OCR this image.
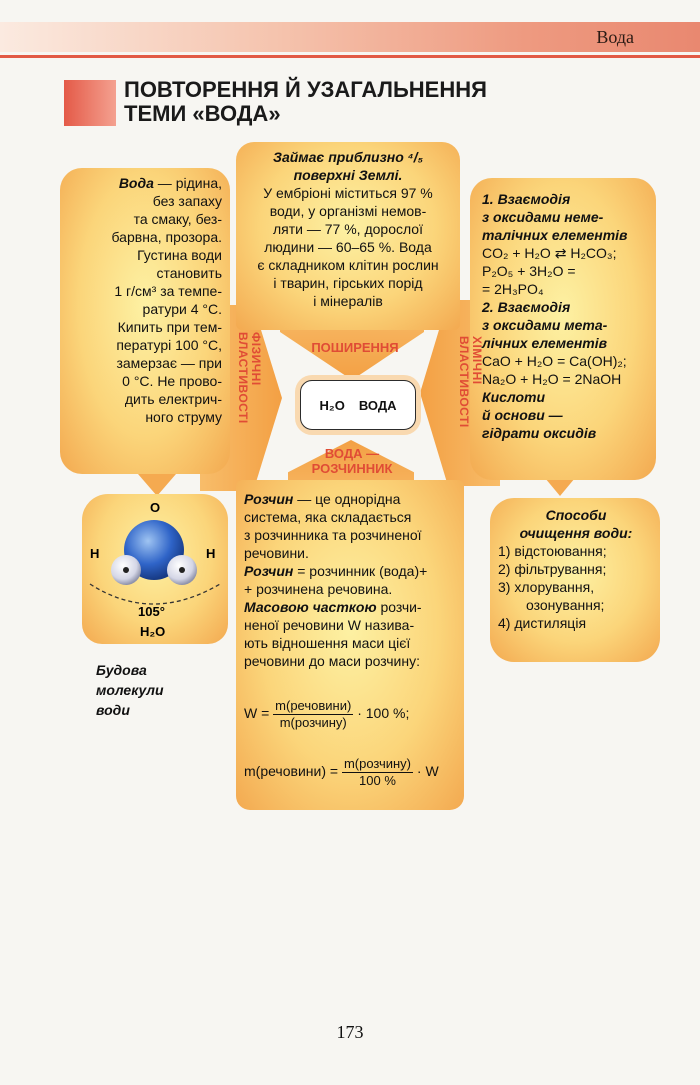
Вода
ПОВТОРЕННЯ Й УЗАГАЛЬНЕННЯ
ТЕМИ «ВОДА»
Вода — рідина,
без запаху
та смаку, без-
барвна, прозора.
Густина води
становить
1 г/см³ за темпе-
ратури 4 °С.
Кипить при тем-
пературі 100 °С,
замерзає — при
0 °С. Не прово-
дить електрич-
ного струму
ФІЗИЧНІ ВЛАСТИВОСТІ
Займає приблизно ⁴/₅
поверхні Землі.
У ембріоні міститься 97 %
води, у організмі немов-
ляти — 77 %, дорослої
людини — 60–65 %. Вода
є складником клітин рослин
і тварин, гірських порід
і мінералів
ПОШИРЕННЯ
H₂O ВОДА
1. Взаємодія
з оксидами неме-
талічних елементів
CO₂ + H₂O ⇄ H₂CO₃;
P₂O₅ + 3H₂O =
= 2H₃PO₄
2. Взаємодія
з оксидами мета-
лічних елементів
CaO + H₂O = Ca(OH)₂;
Na₂O + H₂O = 2NaOH
Кислоти
й основи —
гідрати оксидів
ХІМІЧНІ ВЛАСТИВОСТІ
ВОДА —
РОЗЧИННИК
Розчин — це однорідна
система, яка складається
з розчинника та розчиненої
речовини.
Розчин = розчинник (вода)+
+ розчинена речовина.
Масовою часткою розчи-
неної речовини W назива-
ють відношення маси цієї
речовини до маси розчину:
$W = \frac{\text{m(речовини)}}{\text{m(розчину)}} \cdot 100$ %;
m(речовини) = $\frac{\text{m(розчину)}}{100 \%} \cdot W$
O
H	H
105°
H₂O
Будова
молекули
води
Способи
очищення води:
1) відстоювання;
2) фільтрування;
3) хлорування,
озонування;
4) дистиляція
173
